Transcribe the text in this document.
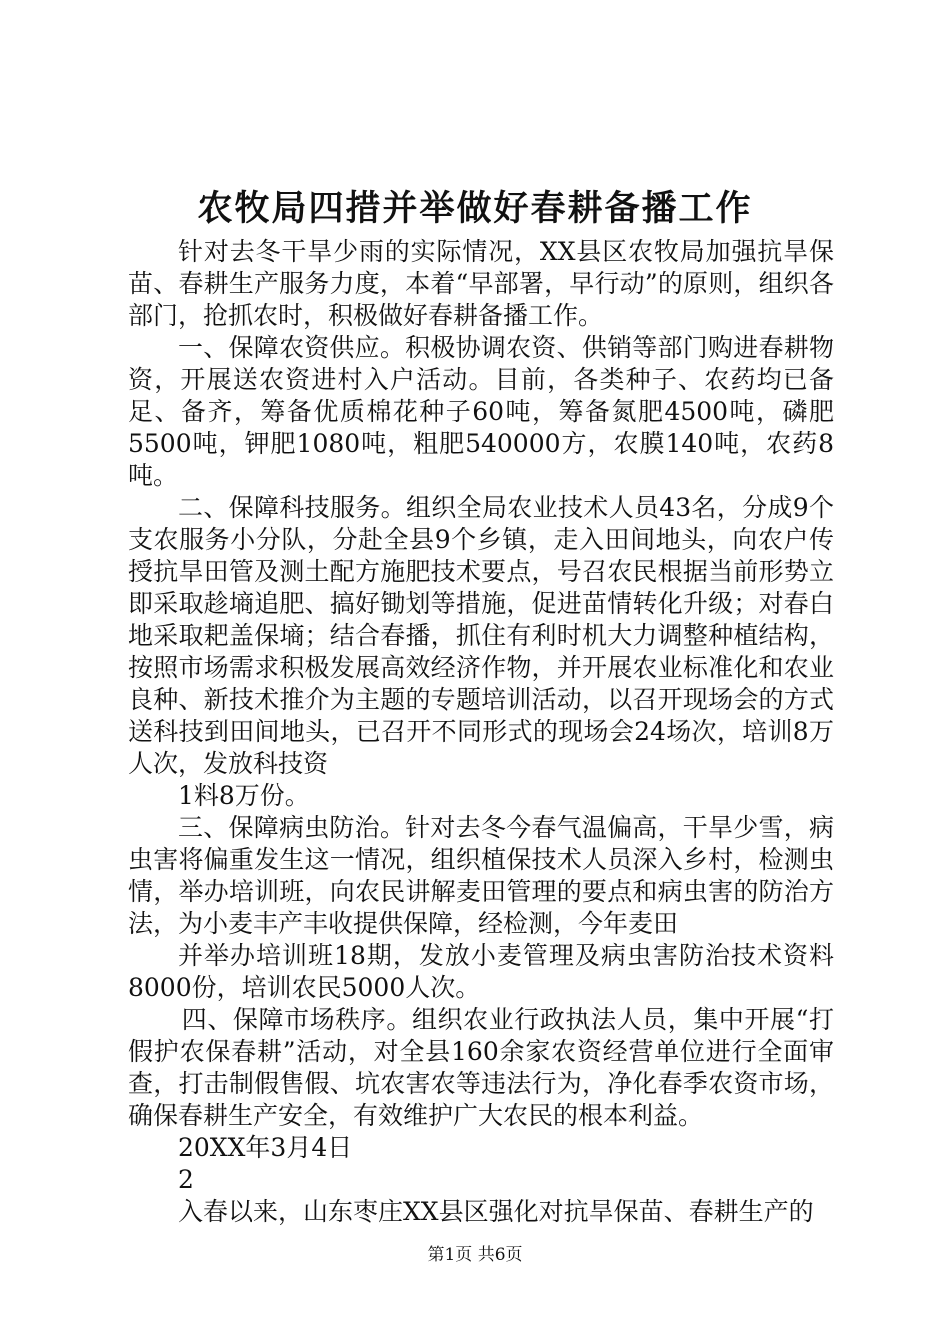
农牧局四措并举做好春耕备播工作

针对去冬干旱少雨的实际情况，XX县区农牧局加强抗旱保苗、春耕生产服务力度，本着“早部署，早行动”的原则，组织各部门，抢抓农时，积极做好春耕备播工作。

一、保障农资供应。积极协调农资、供销等部门购进春耕物资，开展送农资进村入户活动。目前，各类种子、农药均已备足、备齐，筹备优质棉花种子60吨，筹备氮肥4500吨，磷肥5500吨，钾肥1080吨，粗肥540000方，农膜140吨，农药8吨。

二、保障科技服务。组织全局农业技术人员43名，分成9个支农服务小分队，分赴全县9个乡镇，走入田间地头，向农户传授抗旱田管及测土配方施肥技术要点，号召农民根据当前形势立即采取趁墒追肥、搞好锄划等措施，促进苗情转化升级；对春白地采取耙盖保墒；结合春播，抓住有利时机大力调整种植结构，按照市场需求积极发展高效经济作物，并开展农业标准化和农业良种、新技术推介为主题的专题培训活动，以召开现场会的方式送科技到田间地头，已召开不同形式的现场会24场次，培训8万人次，发放科技资

1料8万份。

三、保障病虫防治。针对去冬今春气温偏高，干旱少雪，病虫害将偏重发生这一情况，组织植保技术人员深入乡村，检测虫情，举办培训班，向农民讲解麦田管理的要点和病虫害的防治方法，为小麦丰产丰收提供保障，经检测，今年麦田

并举办培训班18期，发放小麦管理及病虫害防治技术资料8000份，培训农民5000人次。

四、保障市场秩序。组织农业行政执法人员，集中开展“打假护农保春耕”活动，对全县160余家农资经营单位进行全面审查，打击制假售假、坑农害农等违法行为，净化春季农资市场，确保春耕生产安全，有效维护广大农民的根本利益。

20XX年3月4日

2

入春以来，山东枣庄XX县区强化对抗旱保苗、春耕生产的

第1页 共6页
